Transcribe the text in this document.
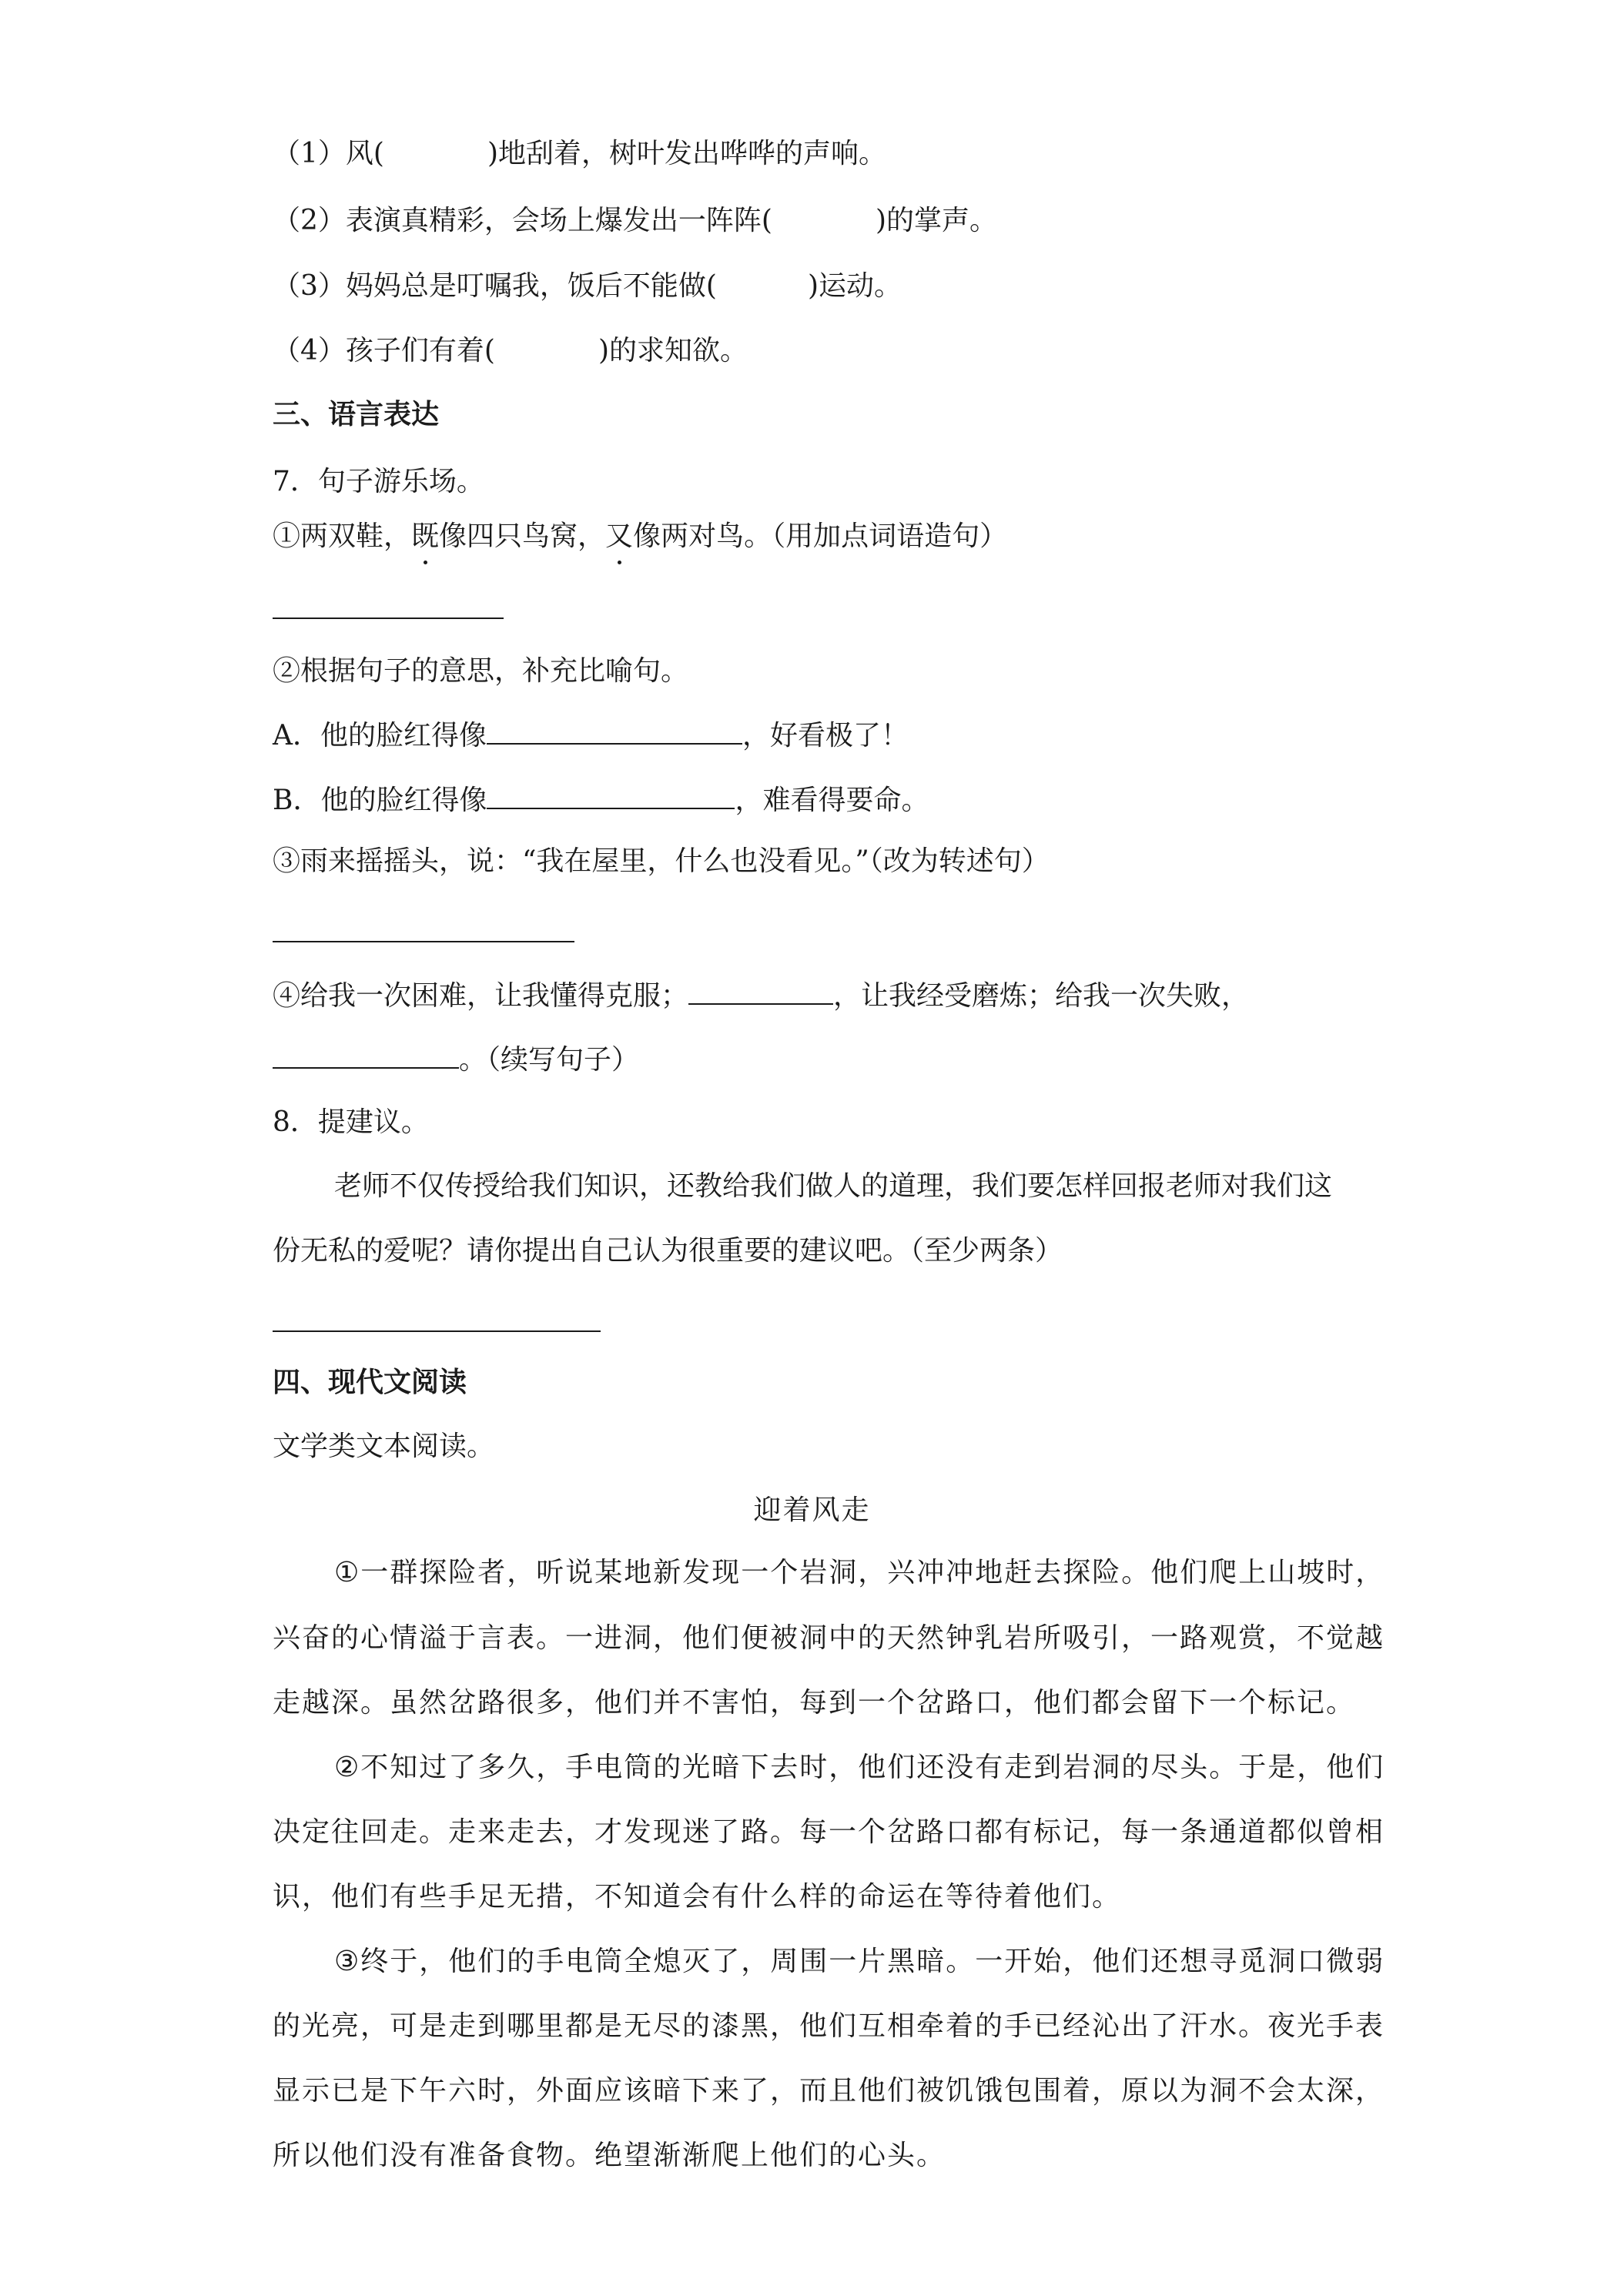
（1）风(	)地刮着，树叶发出哗哗的声响。
（2）表演真精彩，会场上爆发出一阵阵(	)的掌声。
（3）妈妈总是叮嘱我，饭后不能做(	)运动。
（4）孩子们有着(	)的求知欲。
三、语言表达
7．句子游乐场。
①两双鞋，既像四只鸟窝，又像两对鸟。（用加点词语造句）
②根据句子的意思，补充比喻句。
A．他的脸红得像	，好看极了！
B．他的脸红得像	，难看得要命。
③雨来摇摇头，说：“我在屋里，什么也没看见。”（改为转述句）
④给我一次困难，让我懂得克服；	，让我经受磨炼；给我一次失败，
。（续写句子）
8．提建议。
老师不仅传授给我们知识，还教给我们做人的道理，我们要怎样回报老师对我们这
份无私的爱呢？请你提出自己认为很重要的建议吧。（至少两条）
四、现代文阅读
文学类文本阅读。
迎着风走
①一群探险者，听说某地新发现一个岩洞，兴冲冲地赶去探险。他们爬上山坡时，
兴奋的心情溢于言表。一进洞，他们便被洞中的天然钟乳岩所吸引，一路观赏，不觉越
走越深。虽然岔路很多，他们并不害怕，每到一个岔路口，他们都会留下一个标记。
②不知过了多久，手电筒的光暗下去时，他们还没有走到岩洞的尽头。于是，他们
决定往回走。走来走去，才发现迷了路。每一个岔路口都有标记，每一条通道都似曾相
识，他们有些手足无措，不知道会有什么样的命运在等待着他们。
③终于，他们的手电筒全熄灭了，周围一片黑暗。一开始，他们还想寻觅洞口微弱
的光亮，可是走到哪里都是无尽的漆黑，他们互相牵着的手已经沁出了汗水。夜光手表
显示已是下午六时，外面应该暗下来了，而且他们被饥饿包围着，原以为洞不会太深，
所以他们没有准备食物。绝望渐渐爬上他们的心头。
